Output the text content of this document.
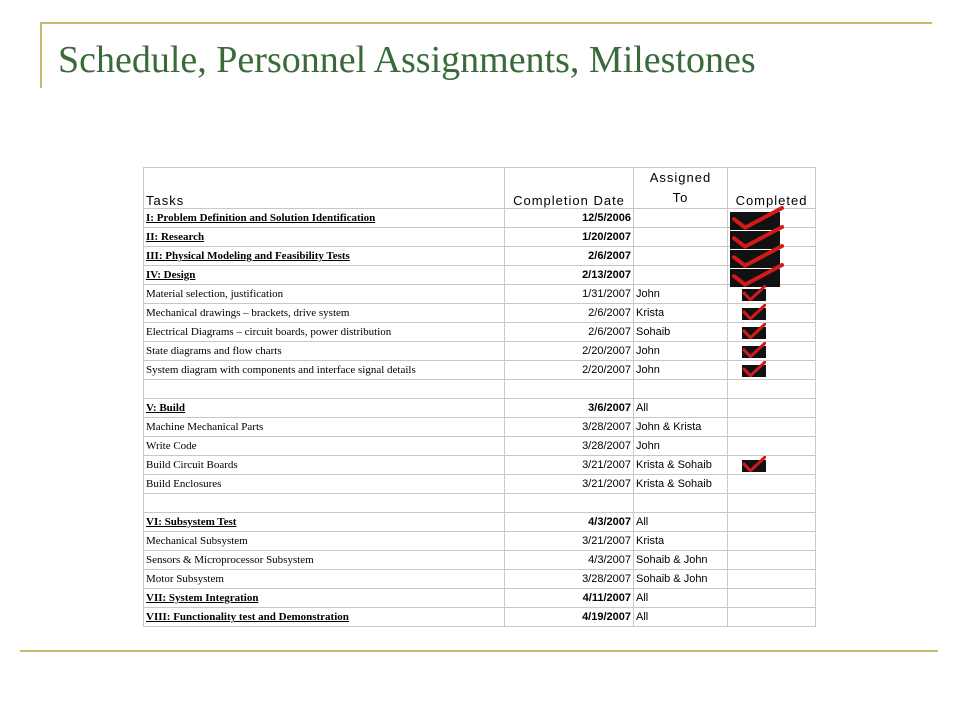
Schedule, Personnel Assignments, Milestones
Tasks	Completion Date	Assigned
To	Completed
I: Problem Definition and Solution Identification	12/5/2006		

II: Research	1/20/2007		

III: Physical Modeling and Feasibility Tests	2/6/2007		

IV: Design	2/13/2007		

Material selection, justification	1/31/2007	John	

Mechanical drawings – brackets, drive system	2/6/2007	Krista	

Electrical Diagrams – circuit boards, power distribution	2/6/2007	Sohaib	

State diagrams and flow charts	2/20/2007	John	

System diagram with components and interface signal details	2/20/2007	John	

V: Build	3/6/2007	All	
Machine Mechanical Parts	3/28/2007	John & Krista	
Write Code	3/28/2007	John	
Build Circuit Boards	3/21/2007	Krista & Sohaib	

Build Enclosures	3/21/2007	Krista & Sohaib	

VI: Subsystem Test	4/3/2007	All	
Mechanical Subsystem	3/21/2007	Krista	
Sensors & Microprocessor Subsystem	4/3/2007	Sohaib & John	
Motor Subsystem	3/28/2007	Sohaib & John	
VII: System Integration	4/11/2007	All	
VIII: Functionality test and Demonstration	4/19/2007	All	
